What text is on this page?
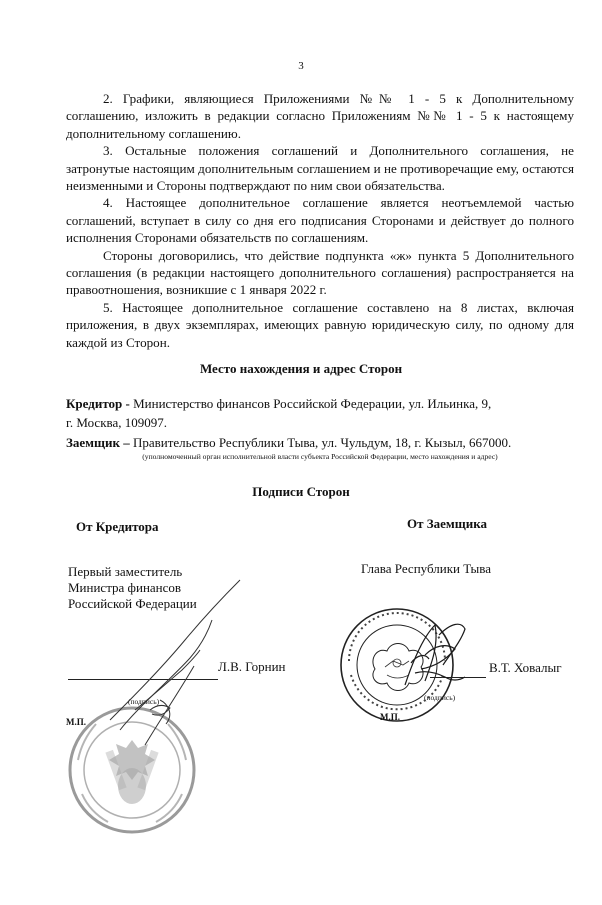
3

2. Графики, являющиеся Приложениями №№ 1 - 5 к Дополнительному соглашению, изложить в редакции согласно Приложениям №№ 1 - 5 к настоящему дополнительному соглашению.

3. Остальные положения соглашений и Дополнительного соглашения, не затронутые настоящим дополнительным соглашением и не противоречащие ему, остаются неизменными и Стороны подтверждают по ним свои обязательства.

4. Настоящее дополнительное соглашение является неотъемлемой частью соглашений, вступает в силу со дня его подписания Сторонами и действует до полного исполнения Сторонами обязательств по соглашениям.

Стороны договорились, что действие подпункта «ж» пункта 5 Дополнительного соглашения (в редакции настоящего дополнительного соглашения) распространяется на правоотношения, возникшие с 1 января 2022 г.

5. Настоящее дополнительное соглашение составлено на 8 листах, включая приложения, в двух экземплярах, имеющих равную юридическую силу, по одному для каждой из Сторон.

Место нахождения и адрес Сторон
Кредитор - Министерство финансов Российской Федерации, ул. Ильинка, 9,
г. Москва, 109097.
Заемщик – Правительство Республики Тыва, ул. Чульдум, 18, г. Кызыл, 667000.
(уполномоченный орган исполнительной власти субъекта Российской Федерации, место нахождения и адрес)
Подписи Сторон
От Кредитора
Первый заместитель
Министра финансов
Российской Федерации
Л.В. Горнин
(подпись)
М.П.
От Заемщика
Глава Республики Тыва
В.Т. Ховалыг
(подпись)
М.П.
